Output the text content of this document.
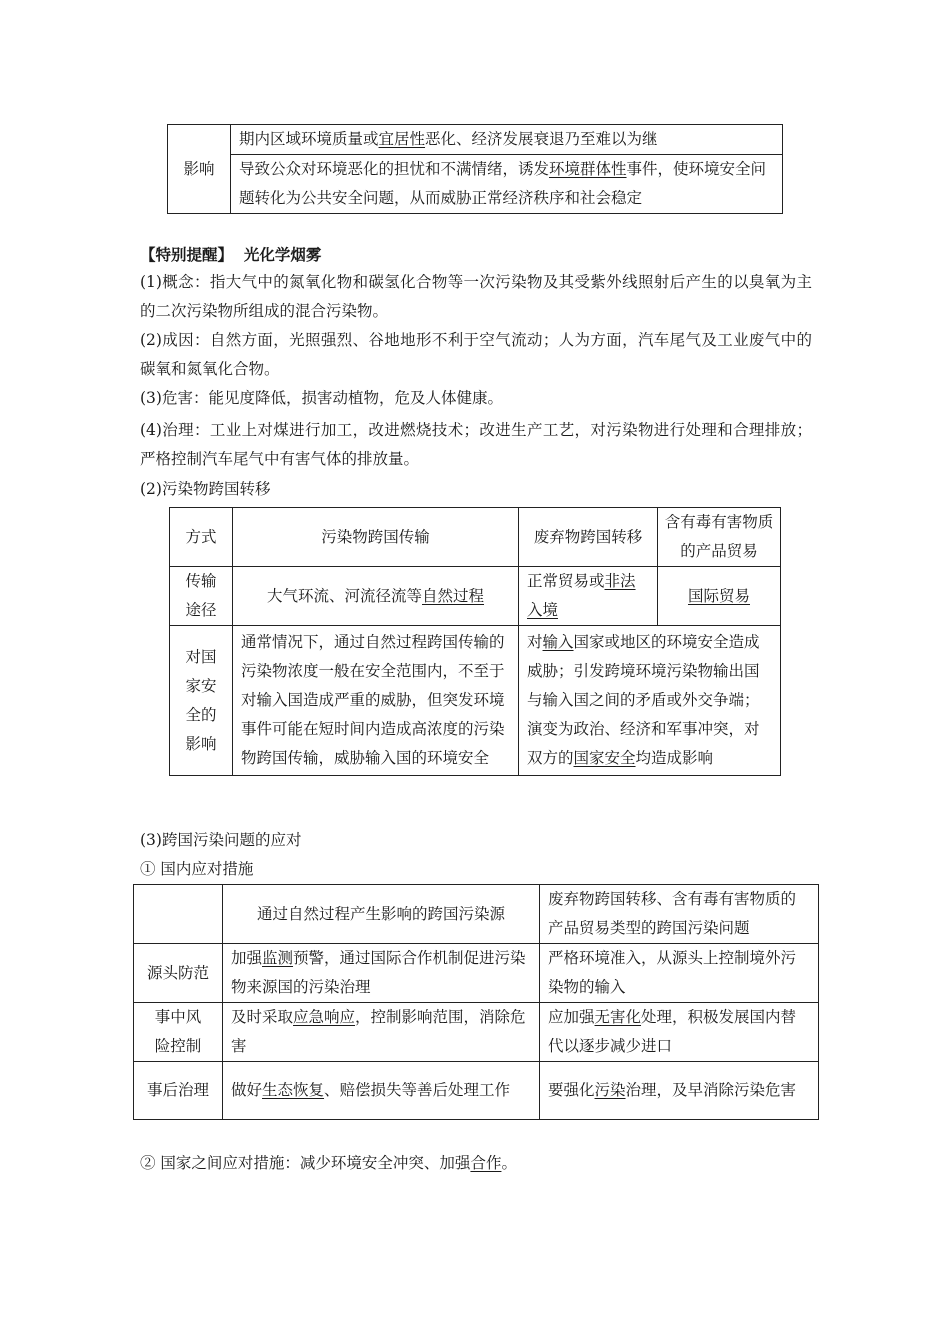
影响	期内区域环境质量或宜居性恶化、经济发展衰退乃至难以为继
导致公众对环境恶化的担忧和不满情绪，诱发环境群体性事件，使环境安全问题转化为公共安全问题，从而威胁正常经济秩序和社会稳定
【特别提醒】 光化学烟雾
(1)概念：指大气中的氮氧化物和碳氢化合物等一次污染物及其受紫外线照射后产生的以臭氧为主的二次污染物所组成的混合污染物。
(2)成因：自然方面，光照强烈、谷地地形不利于空气流动；人为方面，汽车尾气及工业废气中的碳氧和氮氧化合物。
(3)危害：能见度降低，损害动植物，危及人体健康。
(4)治理：工业上对煤进行加工，改进燃烧技术；改进生产工艺，对污染物进行处理和合理排放；严格控制汽车尾气中有害气体的排放量。
(2)污染物跨国转移
方式	污染物跨国传输	废弃物跨国转移	含有毒有害物质的产品贸易
传输途径	大气环流、河流径流等自然过程	正常贸易或非法入境	国际贸易
对国家安全的影响	通常情况下，通过自然过程跨国传输的污染物浓度一般在安全范围内，不至于对输入国造成严重的威胁，但突发环境事件可能在短时间内造成高浓度的污染物跨国传输，威胁输入国的环境安全	对输入国家或地区的环境安全造成威胁；引发跨境环境污染物输出国与输入国之间的矛盾或外交争端；演变为政治、经济和军事冲突，对双方的国家安全均造成影响	
(3)跨国污染问题的应对
① 国内应对措施
	通过自然过程产生影响的跨国污染源	废弃物跨国转移、含有毒有害物质的产品贸易类型的跨国污染问题
源头防范	加强监测预警，通过国际合作机制促进污染物来源国的污染治理	严格环境准入，从源头上控制境外污染物的输入
事中风险控制	及时采取应急响应，控制影响范围，消除危害	应加强无害化处理，积极发展国内替代以逐步减少进口
事后治理	做好生态恢复、赔偿损失等善后处理工作	要强化污染治理，及早消除污染危害
② 国家之间应对措施：减少环境安全冲突、加强合作。
